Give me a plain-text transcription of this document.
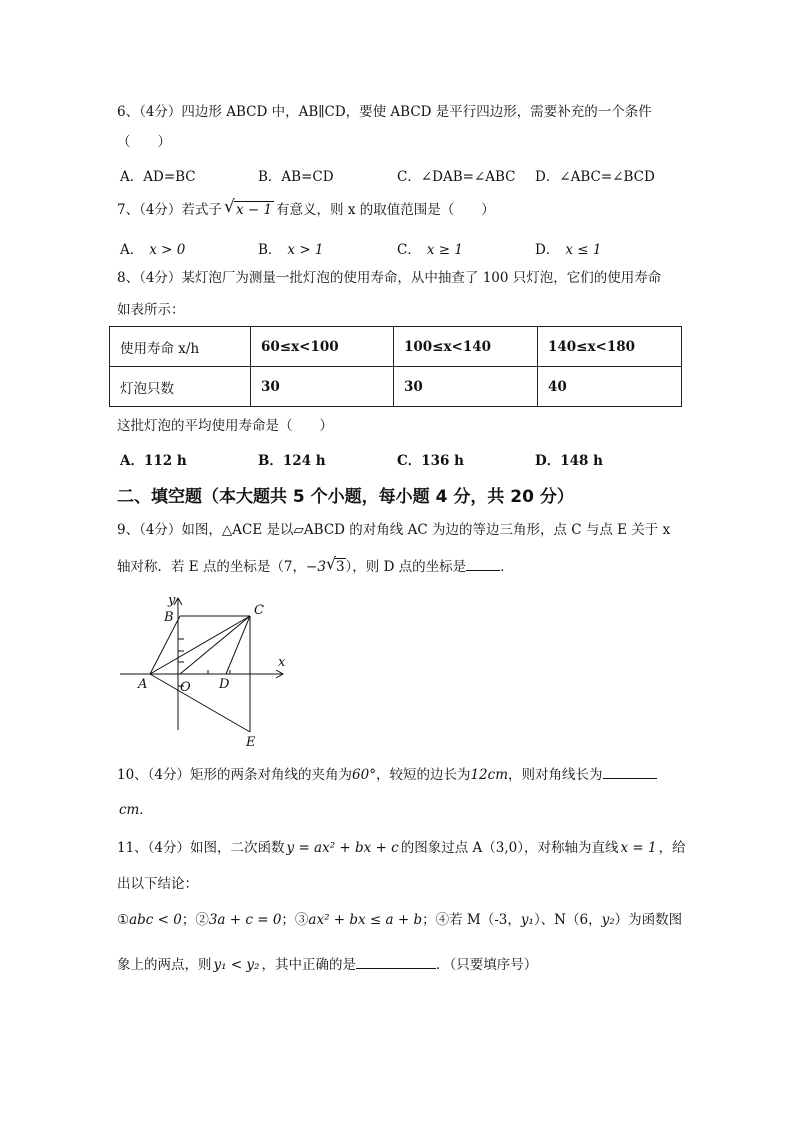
6、（4分）四边形 ABCD 中，AB∥CD，要使 ABCD 是平行四边形，需要补充的一个条件
（　　）
A．AD=BC	B．AB=CD	C．∠DAB=∠ABC D．∠ABC=∠BCD
7、（4分）若式子 √ x − 1 有意义，则 x 的取值范围是（　　）
A． x > 0	B． x > 1	C． x ≥ 1	D． x ≤ 1
8、（4分）某灯泡厂为测量一批灯泡的使用寿命，从中抽查了 100 只灯泡，它们的使用寿命
如表所示：
使用寿命 x/h	60≤x<100	100≤x<140	140≤x<180
灯泡只数	30	30	40
这批灯泡的平均使用寿命是（　　）
A．112 h	B．124 h	C．136 h	D．148 h
二、填空题（本大题共 5 个小题，每小题 4 分，共 20 分）
9、（4分）如图，△ACE 是以▱ABCD 的对角线 AC 为边的等边三角形，点 C 与点 E 关于 x
轴对称．若 E 点的坐标是（7，−3 √ 3），则 D 点的坐标是	．
B	C
A	O D
E
x
y
10、（4分）矩形的两条对角线的夹角为60°，较短的边长为12cm，则对角线长为
cm．
11、（4分）如图，二次函数 y = ax² + bx + c 的图象过点 A（3,0），对称轴为直线 x = 1 ，给
出以下结论：
①abc < 0；②3a + c = 0；③ax² + bx ≤ a + b；④若 M（-3，y₁）、N（6，y₂）为函数图
象上的两点，则 y₁ < y₂ ，其中正确的是	．（只要填序号）
